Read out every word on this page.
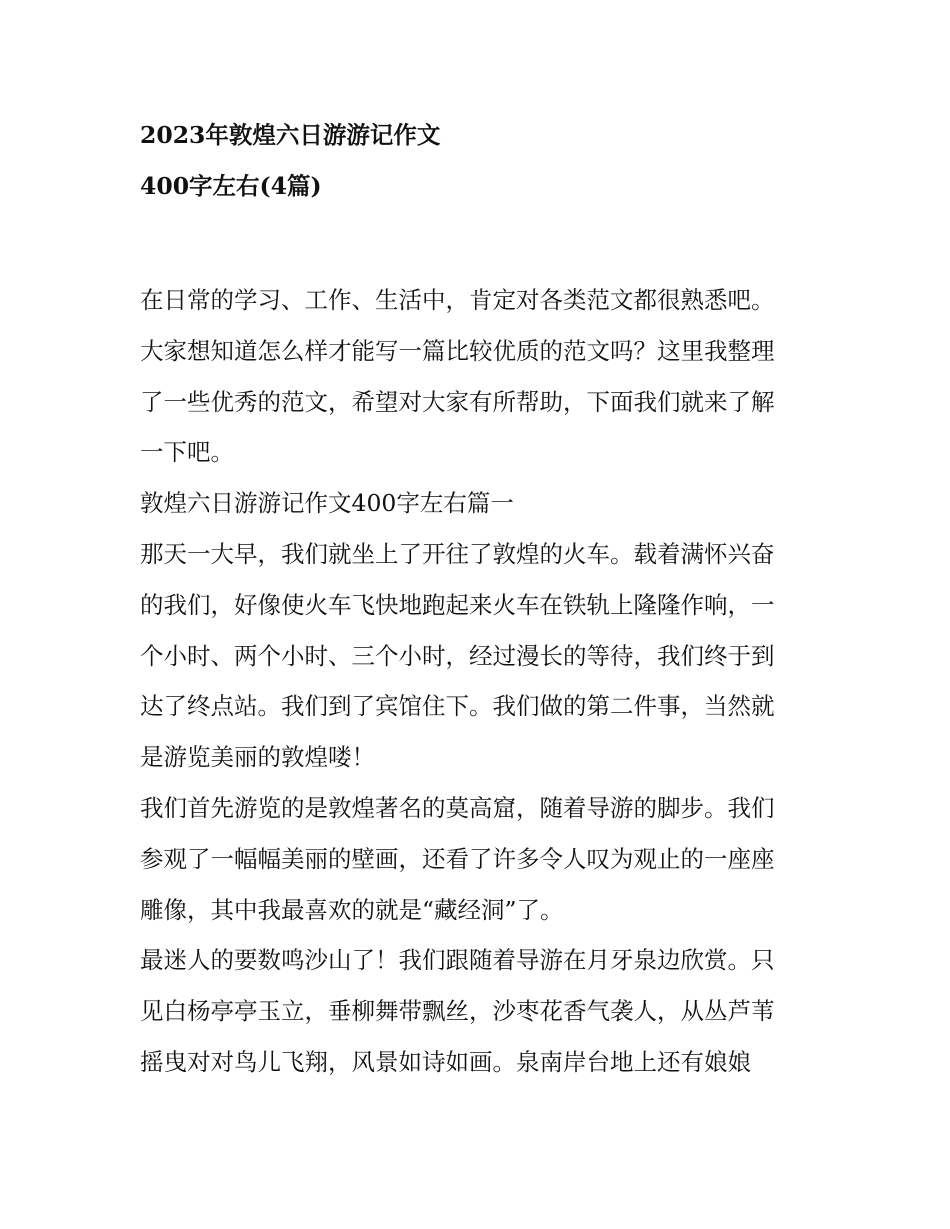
2023年敦煌六日游游记作文
400字左右(4篇)
在日常的学习、工作、生活中，肯定对各类范文都很熟悉吧。
大家想知道怎么样才能写一篇比较优质的范文吗？这里我整理
了一些优秀的范文，希望对大家有所帮助，下面我们就来了解
一下吧。
敦煌六日游游记作文400字左右篇一
那天一大早，我们就坐上了开往了敦煌的火车。载着满怀兴奋
的我们，好像使火车飞快地跑起来火车在铁轨上隆隆作响，一
个小时、两个小时、三个小时，经过漫长的等待，我们终于到
达了终点站。我们到了宾馆住下。我们做的第二件事，当然就
是游览美丽的敦煌喽！
我们首先游览的是敦煌著名的莫高窟，随着导游的脚步。我们
参观了一幅幅美丽的壁画，还看了许多令人叹为观止的一座座
雕像，其中我最喜欢的就是“藏经洞”了。
最迷人的要数鸣沙山了！我们跟随着导游在月牙泉边欣赏。只
见白杨亭亭玉立，垂柳舞带飘丝，沙枣花香气袭人，从丛芦苇
摇曳对对鸟儿飞翔，风景如诗如画。泉南岸台地上还有娘娘
